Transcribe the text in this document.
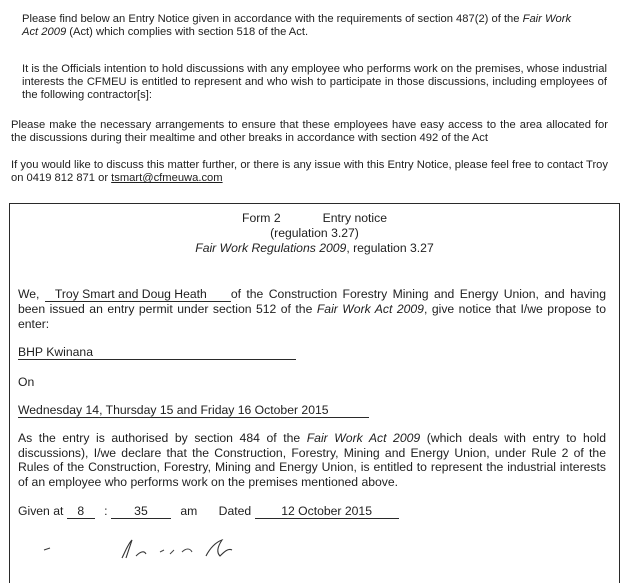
Please find below an Entry Notice given in accordance with the requirements of section 487(2) of the Fair Work
Act 2009 (Act) which complies with section 518 of the Act.

It is the Officials intention to hold discussions with any employee who performs work on the premises, whose industrial interests the CFMEU is entitled to represent and who wish to participate in those discussions, including employees of the following contractor[s]:

Please make the necessary arrangements to ensure that these employees have easy access to the area allocated for the discussions during their mealtime and other breaks in accordance with section 492 of the Act

If you would like to discuss this matter further, or there is any issue with this Entry Notice, please feel free to contact Troy on 0419 812 871 or tsmart@cfmeuwa.com

Form 2	Entry notice
(regulation 3.27)
Fair Work Regulations 2009, regulation 3.27

We, Troy Smart and Doug Heath of the Construction Forestry Mining and Energy Union, and having been issued an entry permit under section 512 of the Fair Work Act 2009, give notice that I/we propose to enter:

BHP Kwinana
On
Wednesday 14, Thursday 15 and Friday 16 October 2015

As the entry is authorised by section 484 of the Fair Work Act 2009 (which deals with entry to hold discussions), I/we declare that the Construction, Forestry, Mining and Energy Union, under Rule 2 of the Rules of the Construction, Forestry, Mining and Energy Union, is entitled to represent the industrial interests of an employee who performs work on the premises mentioned above.

Given at 8 : 35	am Dated 12 October 2015
